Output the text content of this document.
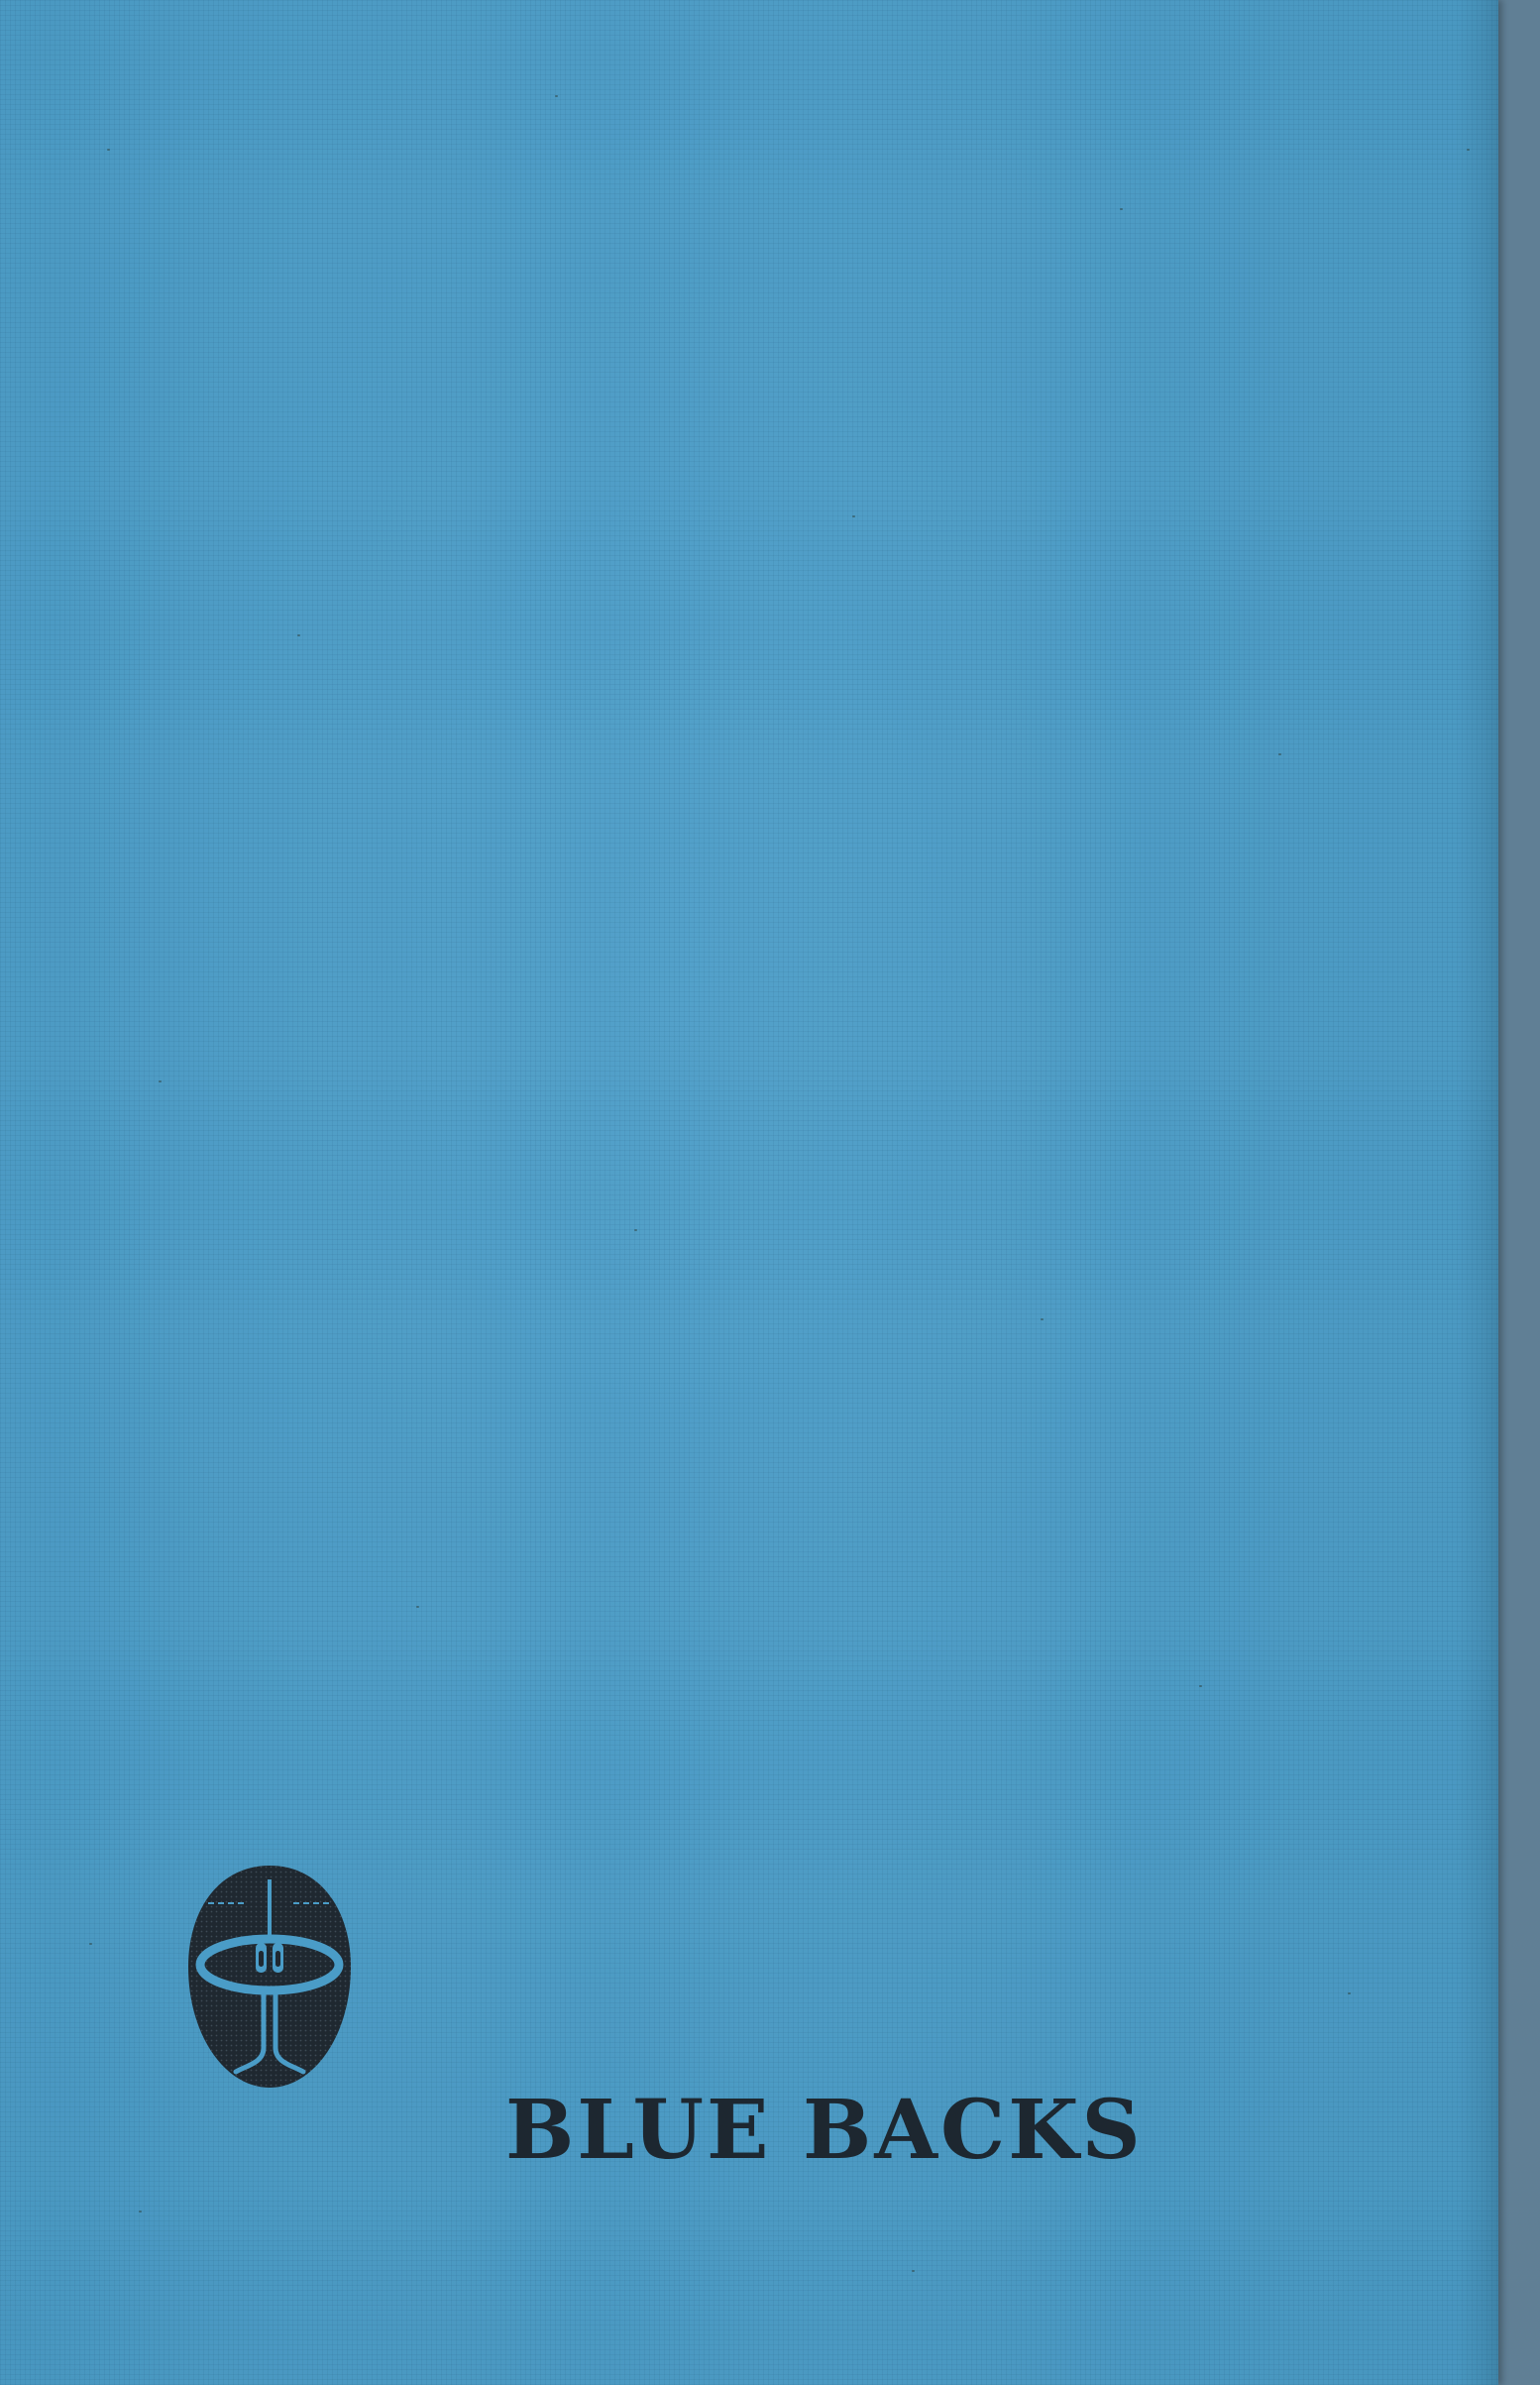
BLUE BACKS
